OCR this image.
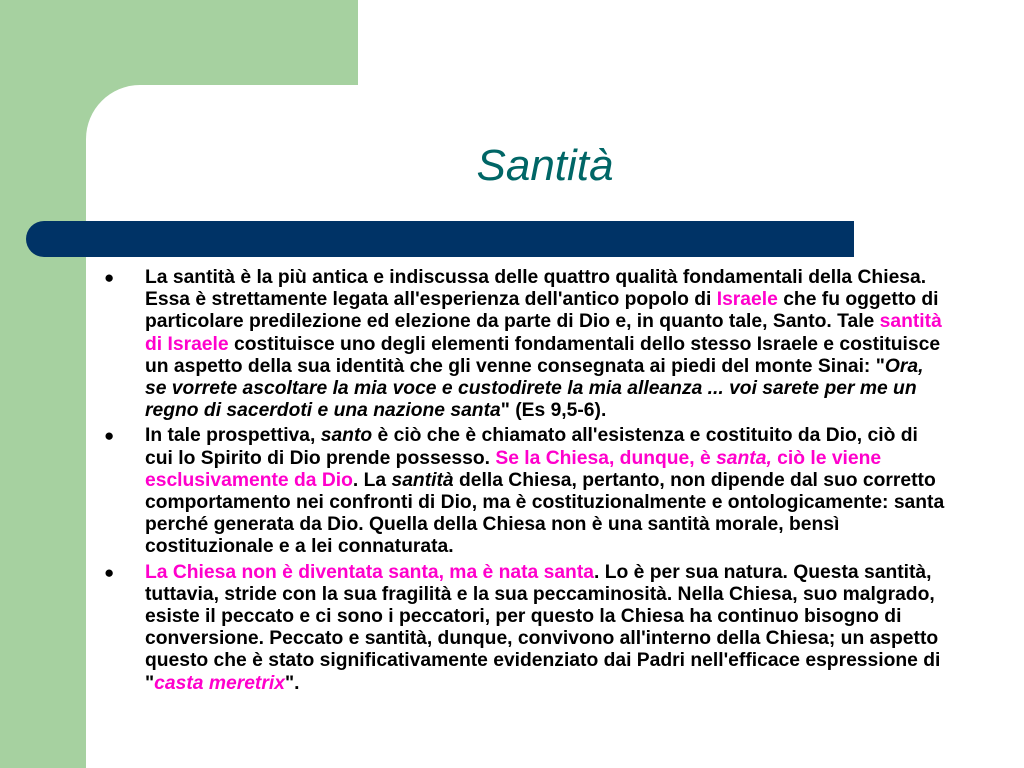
Santità
● La santità è la più antica e indiscussa delle quattro qualità fondamentali della Chiesa. Essa è strettamente legata all'esperienza dell'antico popolo di Israele che fu oggetto di particolare predilezione ed elezione da parte di Dio e, in quanto tale, Santo. Tale santità di Israele costituisce uno degli elementi fondamentali dello stesso Israele e costituisce un aspetto della sua identità che gli venne consegnata ai piedi del monte Sinai: "Ora, se vorrete ascoltare la mia voce e custodirete la mia alleanza ... voi sarete per me un regno di sacerdoti e una nazione santa" (Es 9,5-6).
● In tale prospettiva, santo è ciò che è chiamato all'esistenza e costituito da Dio, ciò di cui lo Spirito di Dio prende possesso. Se la Chiesa, dunque, è santa, ciò le viene esclusivamente da Dio. La santità della Chiesa, pertanto, non dipende dal suo corretto comportamento nei confronti di Dio, ma è costituzionalmente e ontologicamente: santa perché generata da Dio. Quella della Chiesa non è una santità morale, bensì costituzionale e a lei connaturata.
● La Chiesa non è diventata santa, ma è nata santa. Lo è per sua natura. Questa santità, tuttavia, stride con la sua fragilità e la sua peccaminosità. Nella Chiesa, suo malgrado, esiste il peccato e ci sono i peccatori, per questo la Chiesa ha continuo bisogno di conversione. Peccato e santità, dunque, convivono all'interno della Chiesa; un aspetto questo che è stato significativamente evidenziato dai Padri nell'efficace espressione di "casta meretrix".
